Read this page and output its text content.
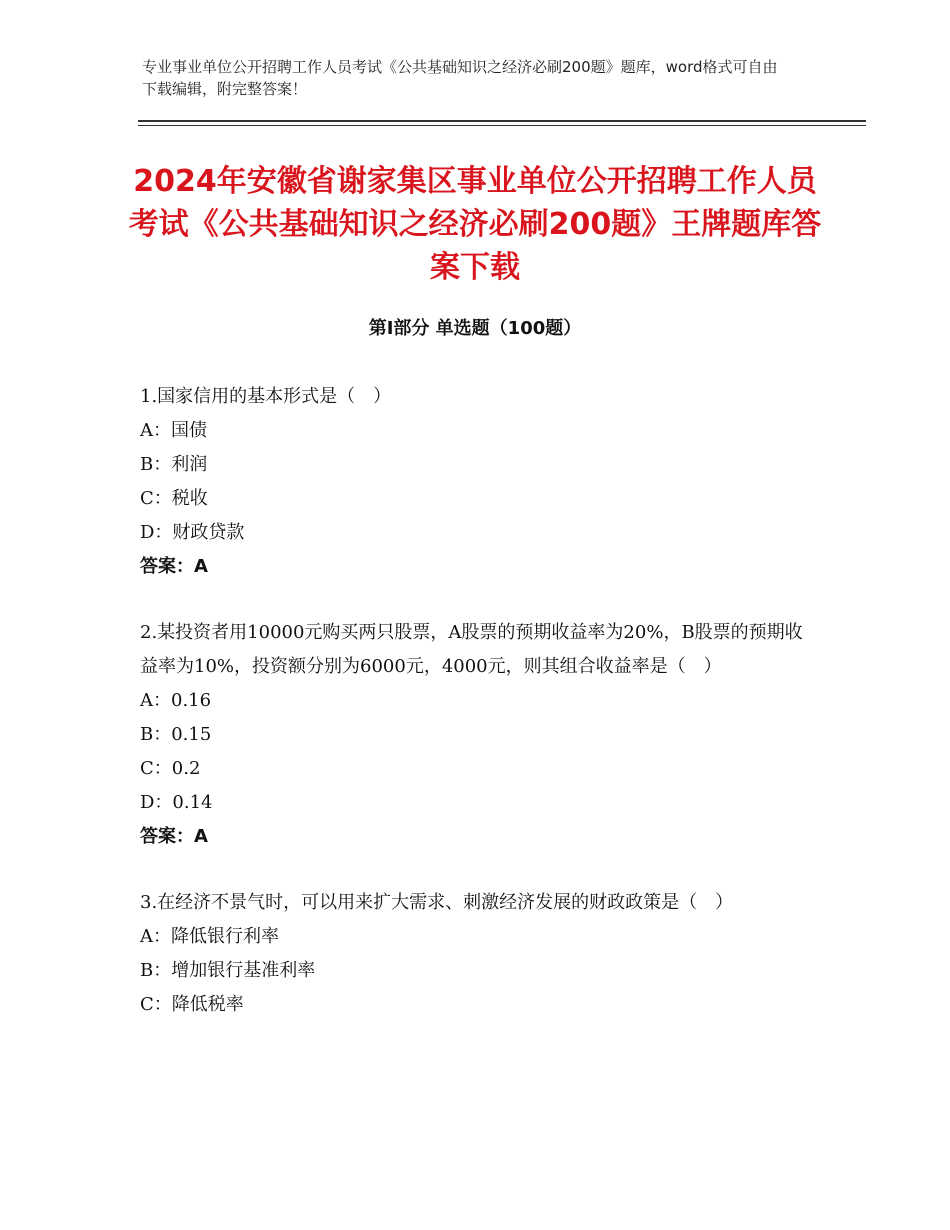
专业事业单位公开招聘工作人员考试《公共基础知识之经济必刷200题》题库，word格式可自由下载编辑，附完整答案！
2024年安徽省谢家集区事业单位公开招聘工作人员考试《公共基础知识之经济必刷200题》王牌题库答案下载
第Ⅰ部分 单选题（100题）
1.国家信用的基本形式是（　）
A：国债
B：利润
C：税收
D：财政贷款
答案：A
2.某投资者用10000元购买两只股票，A股票的预期收益率为20%，B股票的预期收益率为10%，投资额分别为6000元，4000元，则其组合收益率是（　）
A：0.16
B：0.15
C：0.2
D：0.14
答案：A
3.在经济不景气时，可以用来扩大需求、刺激经济发展的财政政策是（　）
A：降低银行利率
B：增加银行基准利率
C：降低税率
